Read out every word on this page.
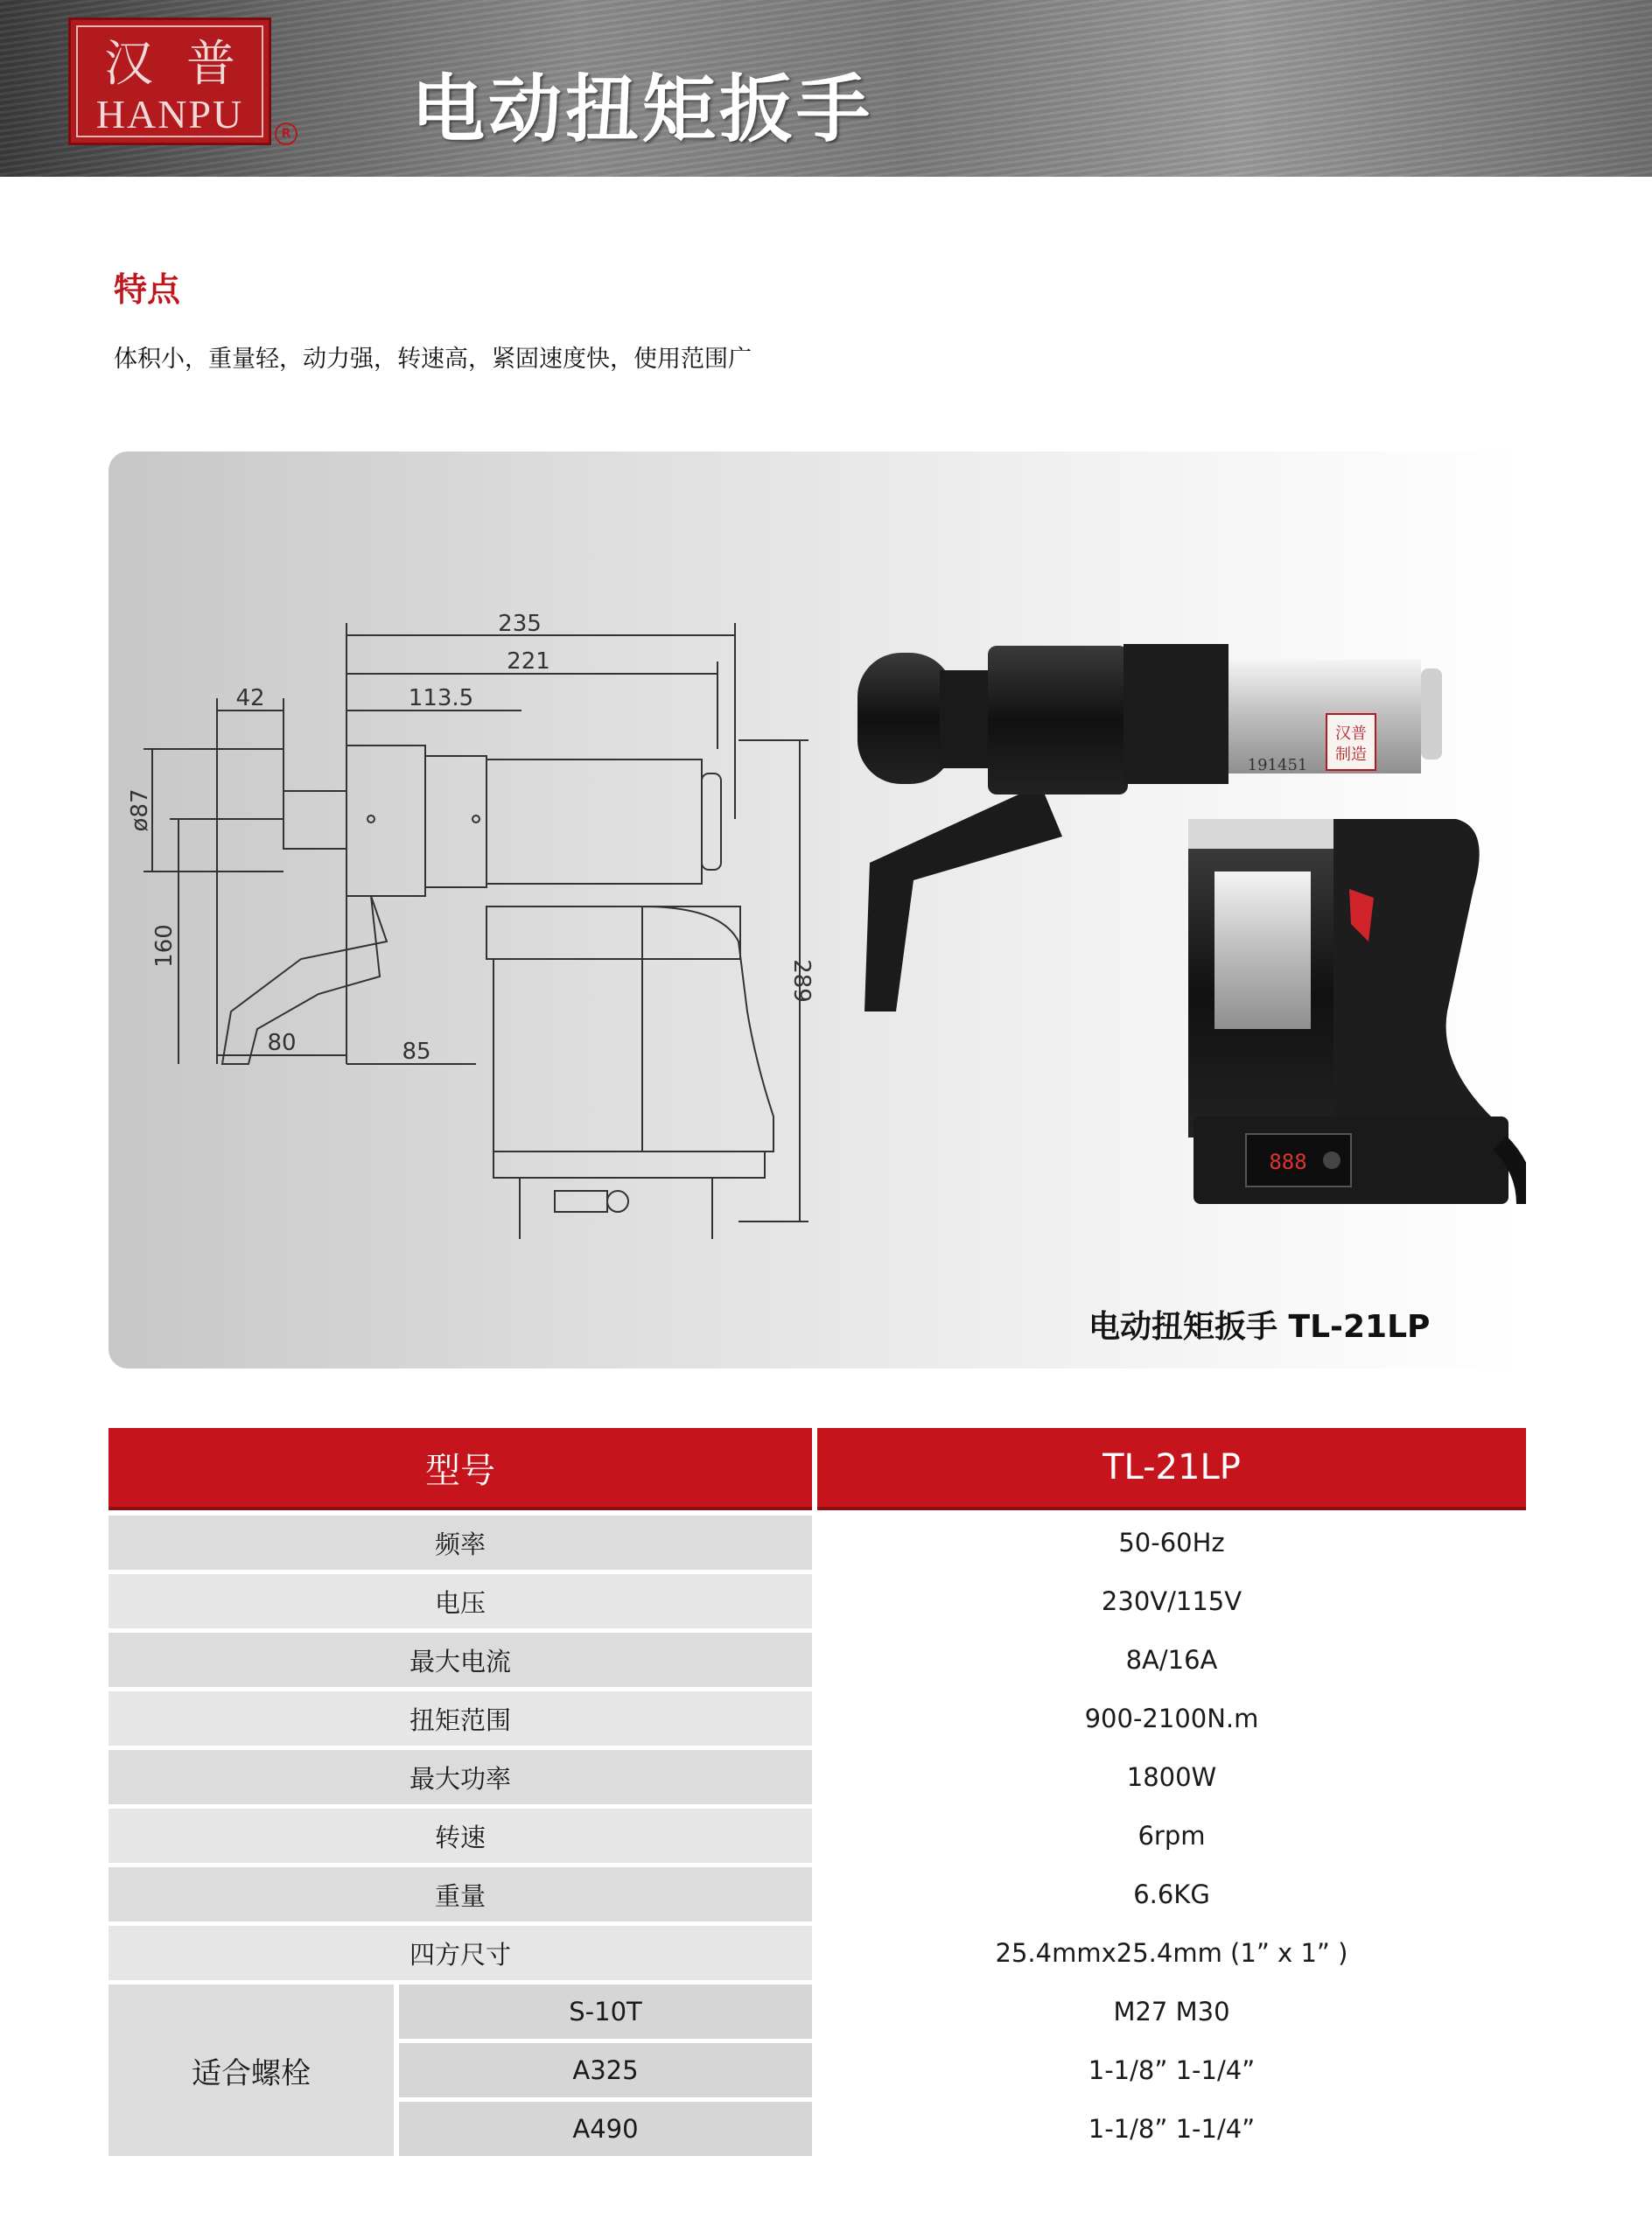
汉普
HANPU	R 电动扭矩扳手
特点
体积小，重量轻，动力强，转速高，紧固速度快，使用范围广
235
221
113.5
42
ø87
160
289
80	85
汉普
制造
191451
888
电动扭矩扳手 TL-21LP
型号	TL-21LP
频率	50-60Hz
电压	230V/115V
最大电流	8A/16A
扭矩范围	900-2100N.m
最大功率	1800W
转速	6rpm
重量	6.6KG
四方尺寸	25.4mmx25.4mm (1” x 1” )
适合螺栓
S-10T	M27 M30
A325	1-1/8” 1-1/4”
A490	1-1/8” 1-1/4”
